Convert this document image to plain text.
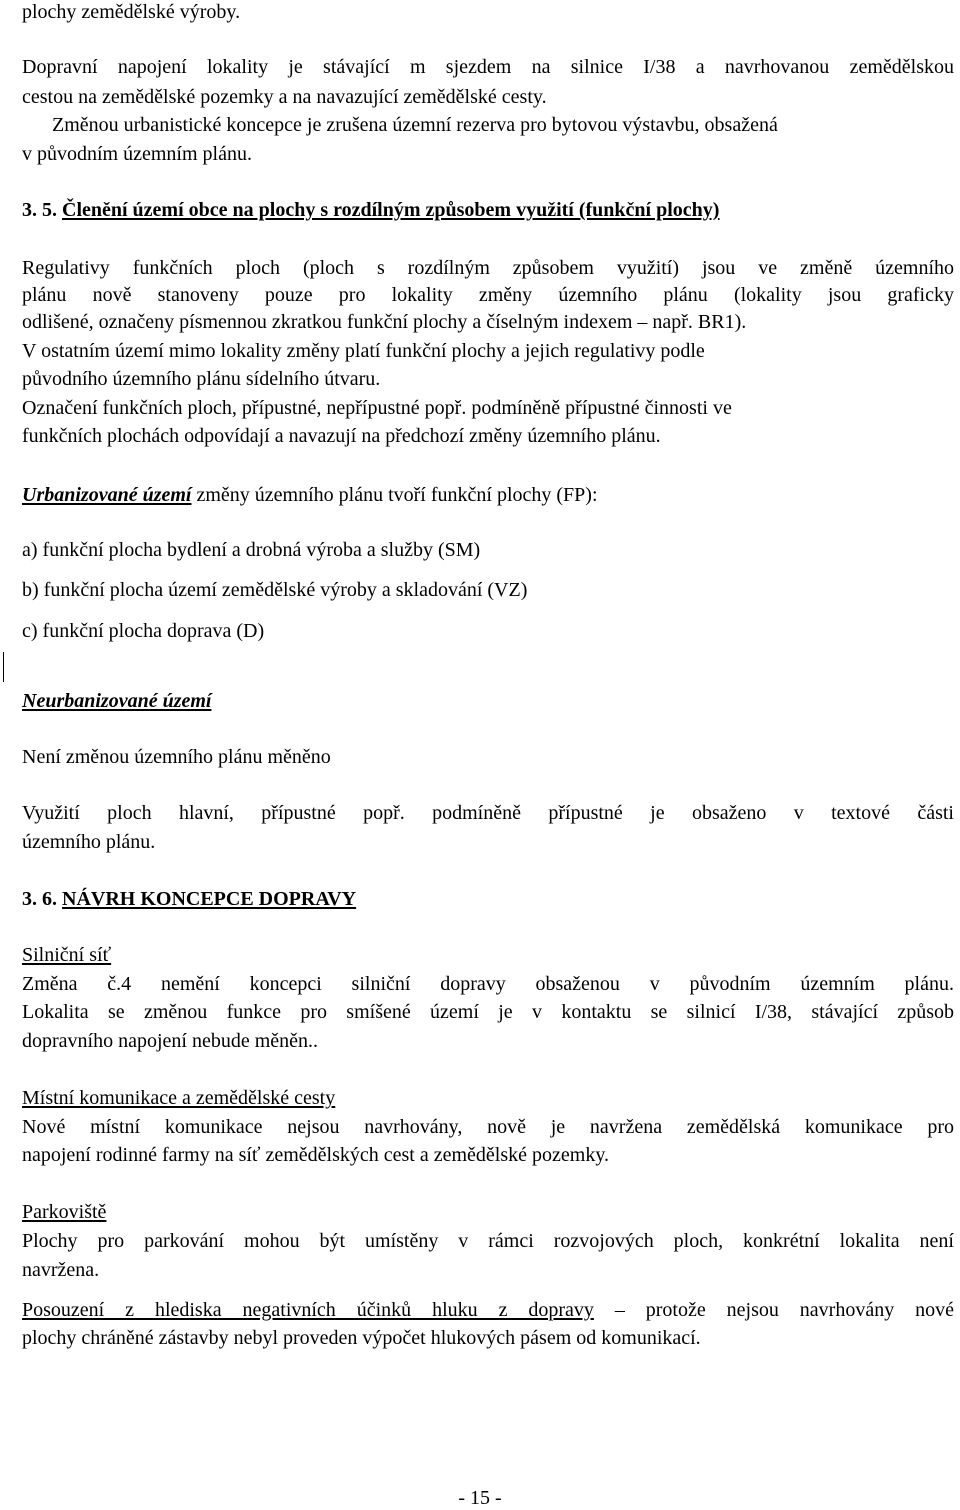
plochy zemědělské výroby.
Dopravní napojení lokality je stávající m sjezdem na silnice I/38 a navrhovanou zemědělskou
cestou na zemědělské pozemky a na navazující zemědělské cesty.
Změnou urbanistické koncepce je zrušena územní rezerva pro bytovou výstavbu, obsažená
v původním územním plánu.
3. 5. Členění území obce na plochy s rozdílným způsobem využití (funkční plochy)
Regulativy funkčních ploch (ploch s rozdílným způsobem využití) jsou ve změně územního
plánu nově stanoveny pouze pro lokality změny územního plánu (lokality jsou graficky
odlišené, označeny písmennou zkratkou funkční plochy a číselným indexem – např. BR1).
V ostatním území mimo lokality změny platí funkční plochy a jejich regulativy podle
původního územního plánu sídelního útvaru.
Označení funkčních ploch, přípustné, nepřípustné popř. podmíněně přípustné činnosti ve
funkčních plochách odpovídají a navazují na předchozí změny územního plánu.
Urbanizované území změny územního plánu tvoří funkční plochy (FP):
a) funkční plocha bydlení a drobná výroba a služby (SM)
b) funkční plocha území zemědělské výroby a skladování (VZ)
c) funkční plocha doprava (D)
Neurbanizované území
Není změnou územního plánu měněno
Využití ploch hlavní, přípustné popř. podmíněně přípustné je obsaženo v textové části
územního plánu.
3. 6. NÁVRH KONCEPCE DOPRAVY
Silniční síť
Změna č.4 nemění koncepci silniční dopravy obsaženou v původním územním plánu.
Lokalita se změnou funkce pro smíšené území je v kontaktu se silnicí I/38, stávající způsob
dopravního napojení nebude měněn..
Místní komunikace a zemědělské cesty
Nové místní komunikace nejsou navrhovány, nově je navržena zemědělská komunikace pro
napojení rodinné farmy na síť zemědělských cest a zemědělské pozemky.
Parkoviště
Plochy pro parkování mohou být umístěny v rámci rozvojových ploch, konkrétní lokalita není
navržena.
Posouzení z hlediska negativních účinků hluku z dopravy – protože nejsou navrhovány nové
plochy chráněné zástavby nebyl proveden výpočet hlukových pásem od komunikací.
- 15 -
